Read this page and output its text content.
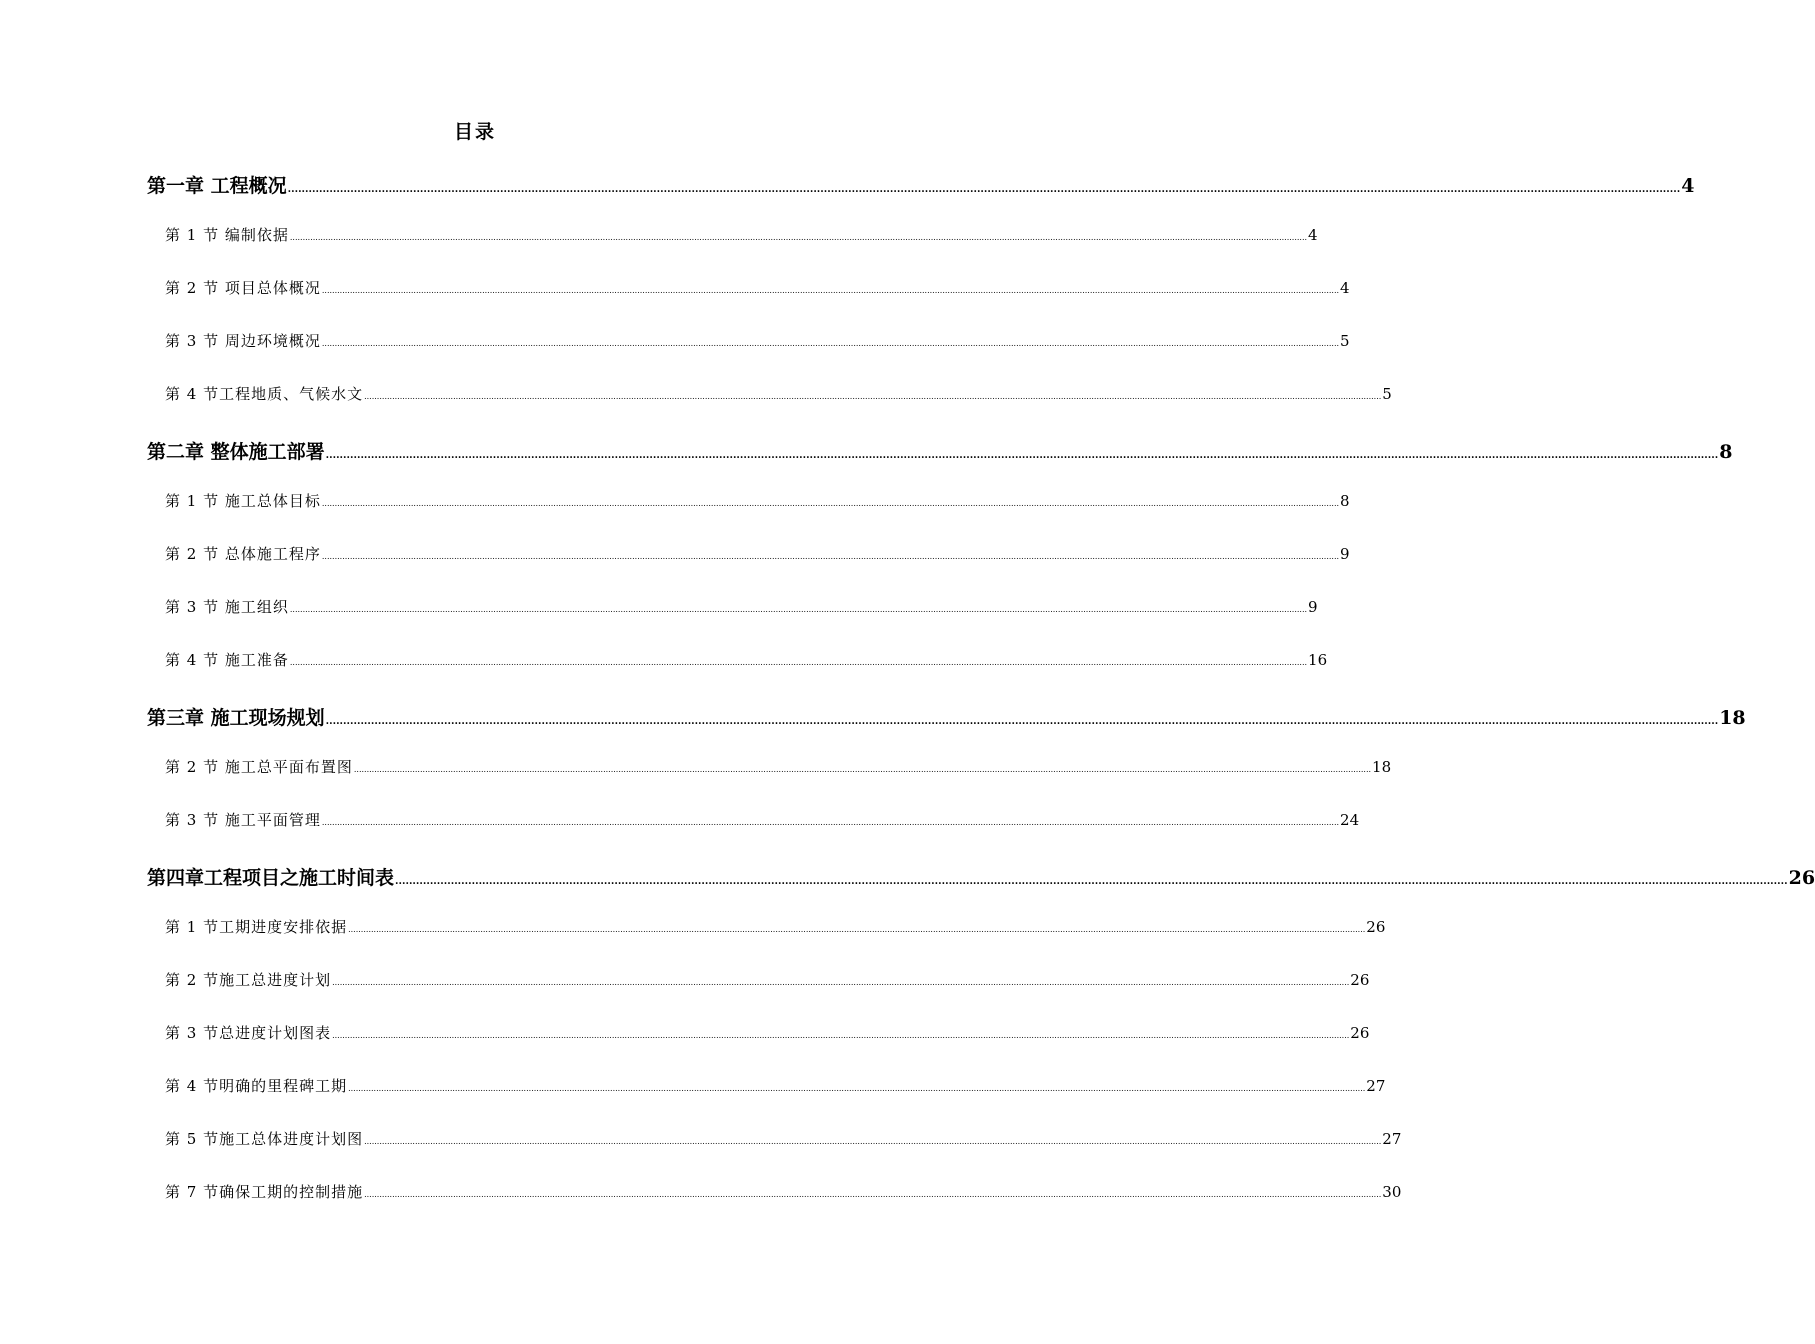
目录
第一章 工程概况 ................................................................................................................................................................................................................................................................................................................................................................................................................ 4
第 1 节 编制依据 ................................................................................................................................................................................................................................................................................................................................................................................................................ 4
第 2 节 项目总体概况 ................................................................................................................................................................................................................................................................................................................................................................................................................ 4
第 3 节 周边环境概况 ................................................................................................................................................................................................................................................................................................................................................................................................................ 5
第 4 节工程地质、气候水文 ................................................................................................................................................................................................................................................................................................................................................................................................................ 5
第二章 整体施工部署 ................................................................................................................................................................................................................................................................................................................................................................................................................ 8
第 1 节 施工总体目标 ................................................................................................................................................................................................................................................................................................................................................................................................................ 8
第 2 节 总体施工程序 ................................................................................................................................................................................................................................................................................................................................................................................................................ 9
第 3 节 施工组织 ................................................................................................................................................................................................................................................................................................................................................................................................................ 9
第 4 节 施工准备 ................................................................................................................................................................................................................................................................................................................................................................................................................ 16
第三章 施工现场规划 ................................................................................................................................................................................................................................................................................................................................................................................................................ 18
第 2 节 施工总平面布置图 ................................................................................................................................................................................................................................................................................................................................................................................................................ 18
第 3 节 施工平面管理 ................................................................................................................................................................................................................................................................................................................................................................................................................ 24
第四章工程项目之施工时间表 ................................................................................................................................................................................................................................................................................................................................................................................................................ 26
第 1 节工期进度安排依据 ................................................................................................................................................................................................................................................................................................................................................................................................................ 26
第 2 节施工总进度计划 ................................................................................................................................................................................................................................................................................................................................................................................................................ 26
第 3 节总进度计划图表 ................................................................................................................................................................................................................................................................................................................................................................................................................ 26
第 4 节明确的里程碑工期 ................................................................................................................................................................................................................................................................................................................................................................................................................ 27
第 5 节施工总体进度计划图 ................................................................................................................................................................................................................................................................................................................................................................................................................ 27
第 7 节确保工期的控制措施 ................................................................................................................................................................................................................................................................................................................................................................................................................ 30
